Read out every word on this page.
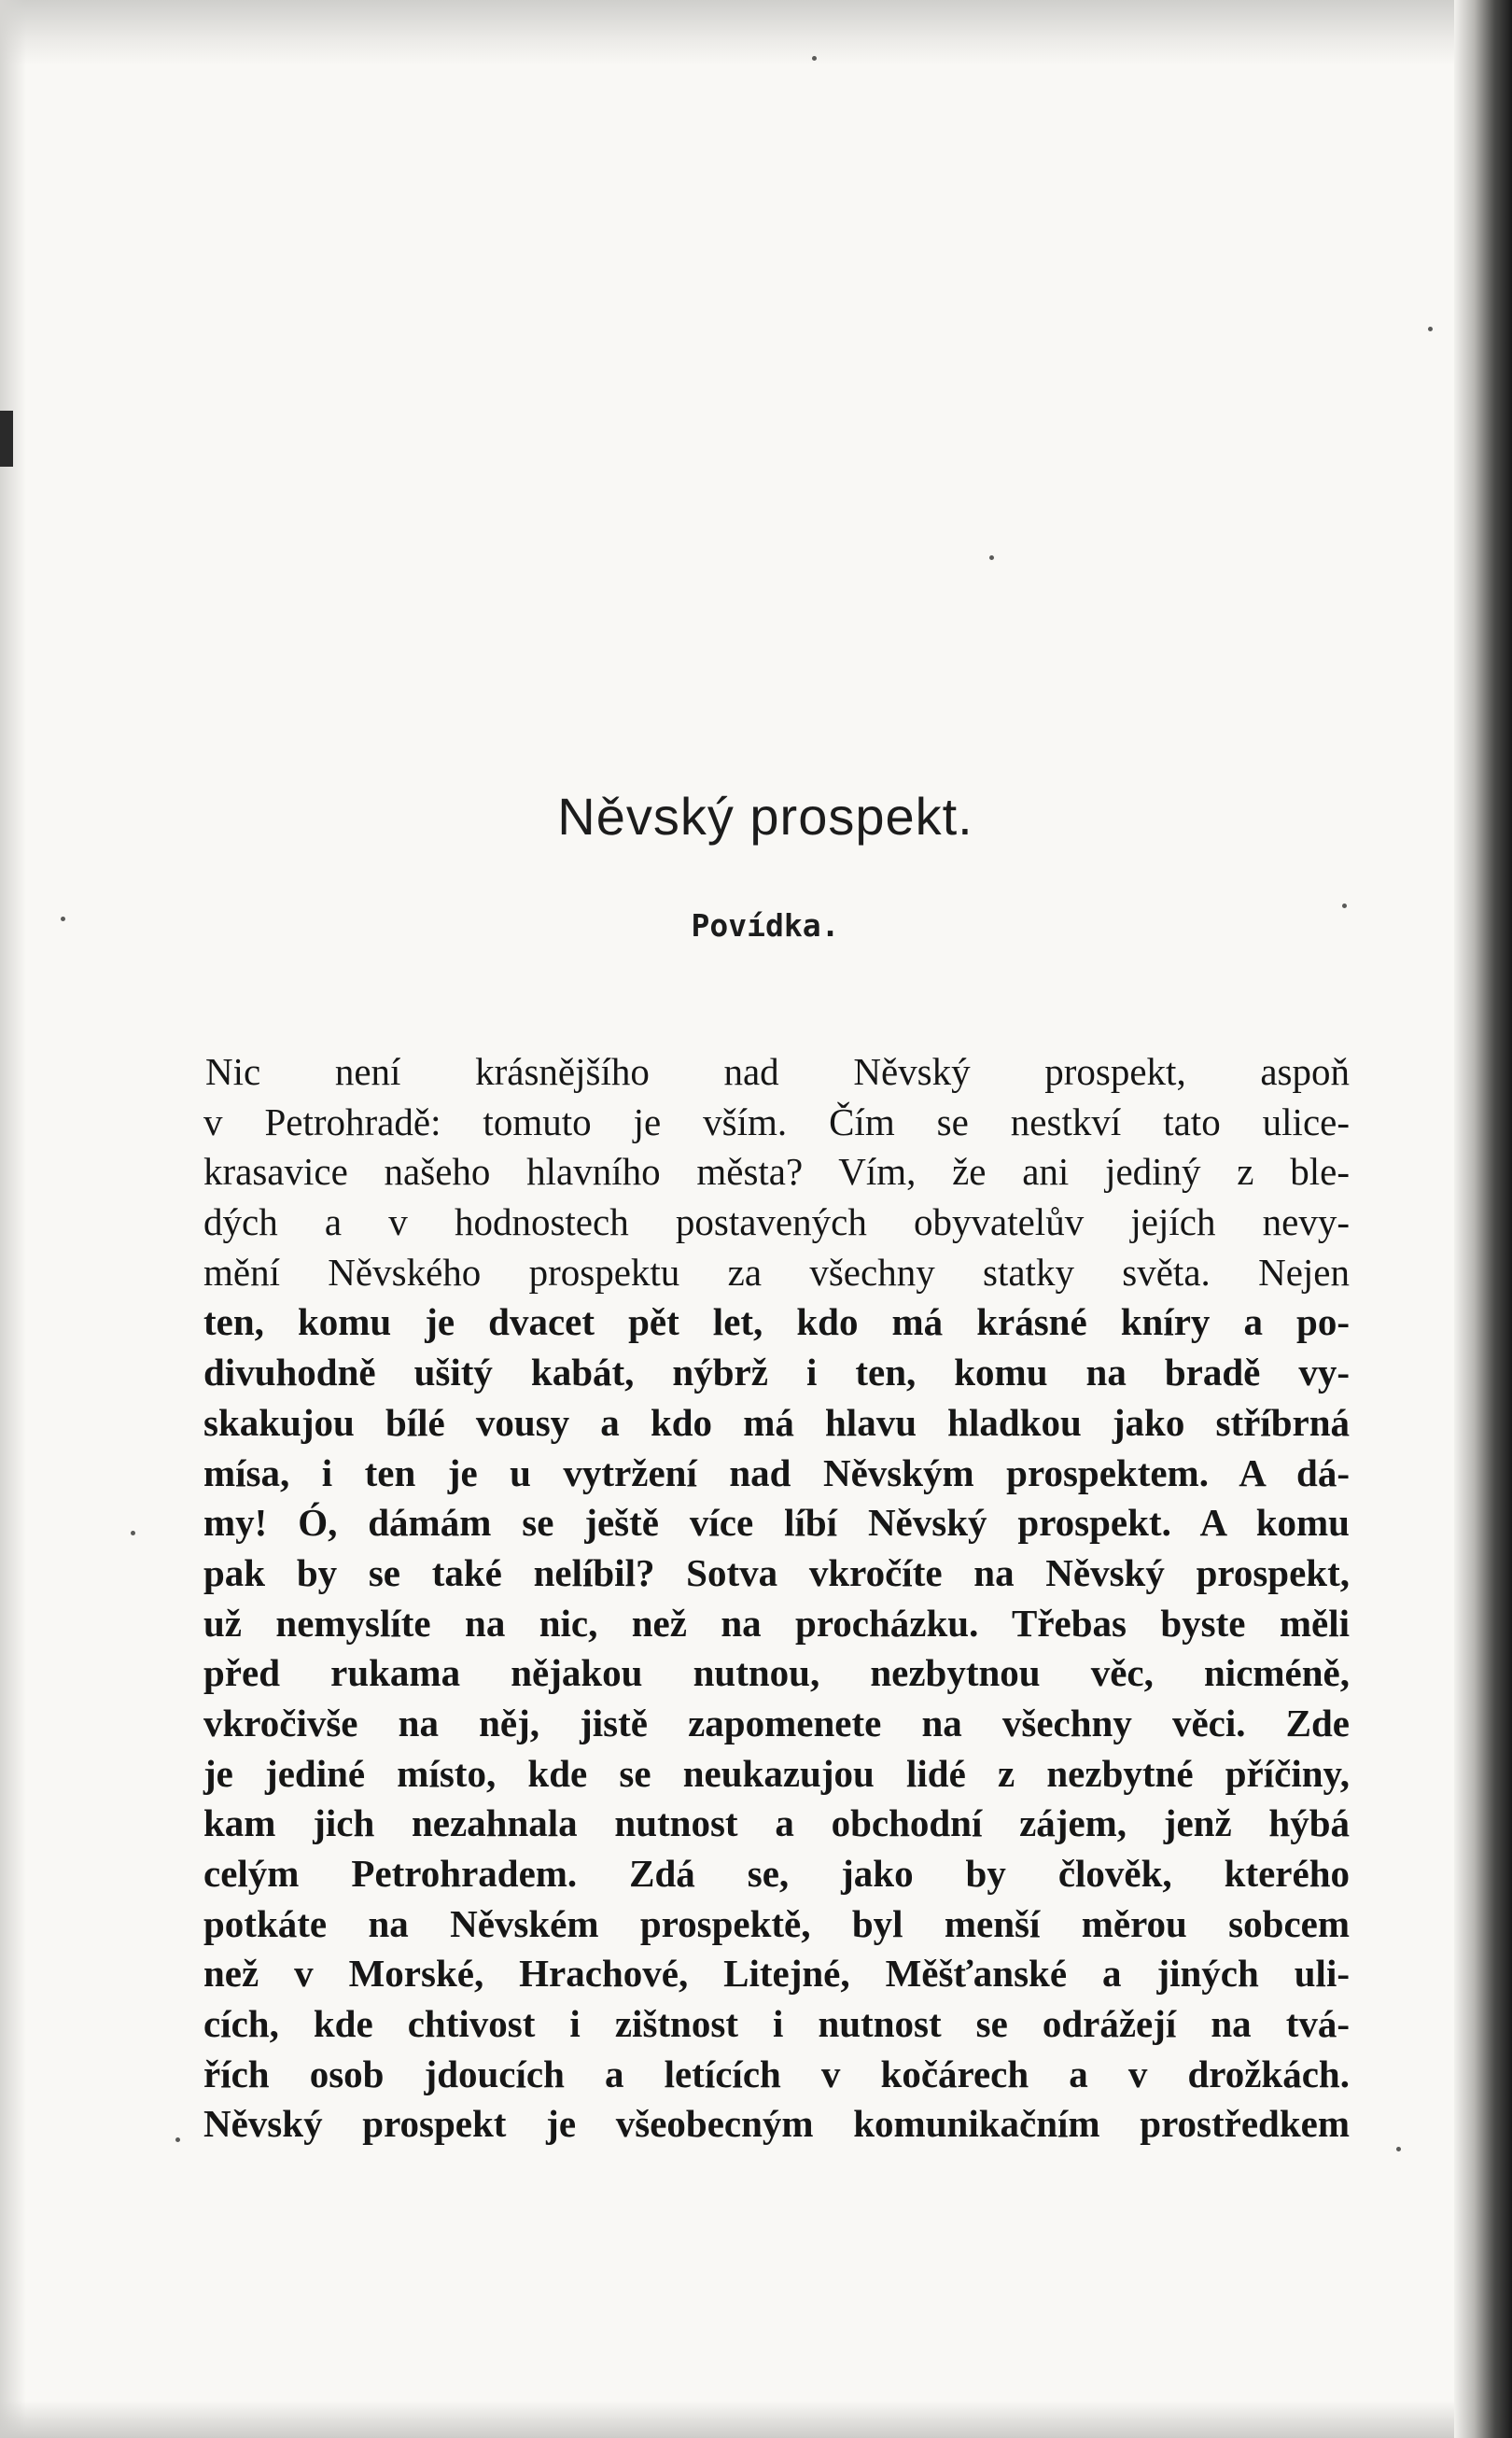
Něvský prospekt.
Povídka.
Nic není krásnějšího nad Něvský prospekt, aspoň
v Petrohradě: tomuto je vším. Čím se nestkví tato ulice-
krasavice našeho hlavního města? Vím, že ani jediný z ble-
dých a v hodnostech postavených obyvatelův jejích nevy-
mění Něvského prospektu za všechny statky světa. Nejen
ten, komu je dvacet pět let, kdo má krásné kníry a po-
divuhodně ušitý kabát, nýbrž i ten, komu na bradě vy-
skakujou bílé vousy a kdo má hlavu hladkou jako stříbrná
mísa, i ten je u vytržení nad Něvským prospektem. A dá-
my! Ó, dámám se ještě více líbí Něvský prospekt. A komu
pak by se také nelíbil? Sotva vkročíte na Něvský prospekt,
už nemyslíte na nic, než na procházku. Třebas byste měli
před rukama nějakou nutnou, nezbytnou věc, nicméně,
vkročivše na něj, jistě zapomenete na všechny věci. Zde
je jediné místo, kde se neukazujou lidé z nezbytné příčiny,
kam jich nezahnala nutnost a obchodní zájem, jenž hýbá
celým Petrohradem. Zdá se, jako by člověk, kterého
potkáte na Něvském prospektě, byl menší měrou sobcem
než v Morské, Hrachové, Litejné, Měšťanské a jiných uli-
cích, kde chtivost i zištnost i nutnost se odrážejí na tvá-
řích osob jdoucích a letících v kočárech a v drožkách.
Něvský prospekt je všeobecným komunikačním prostředkem
